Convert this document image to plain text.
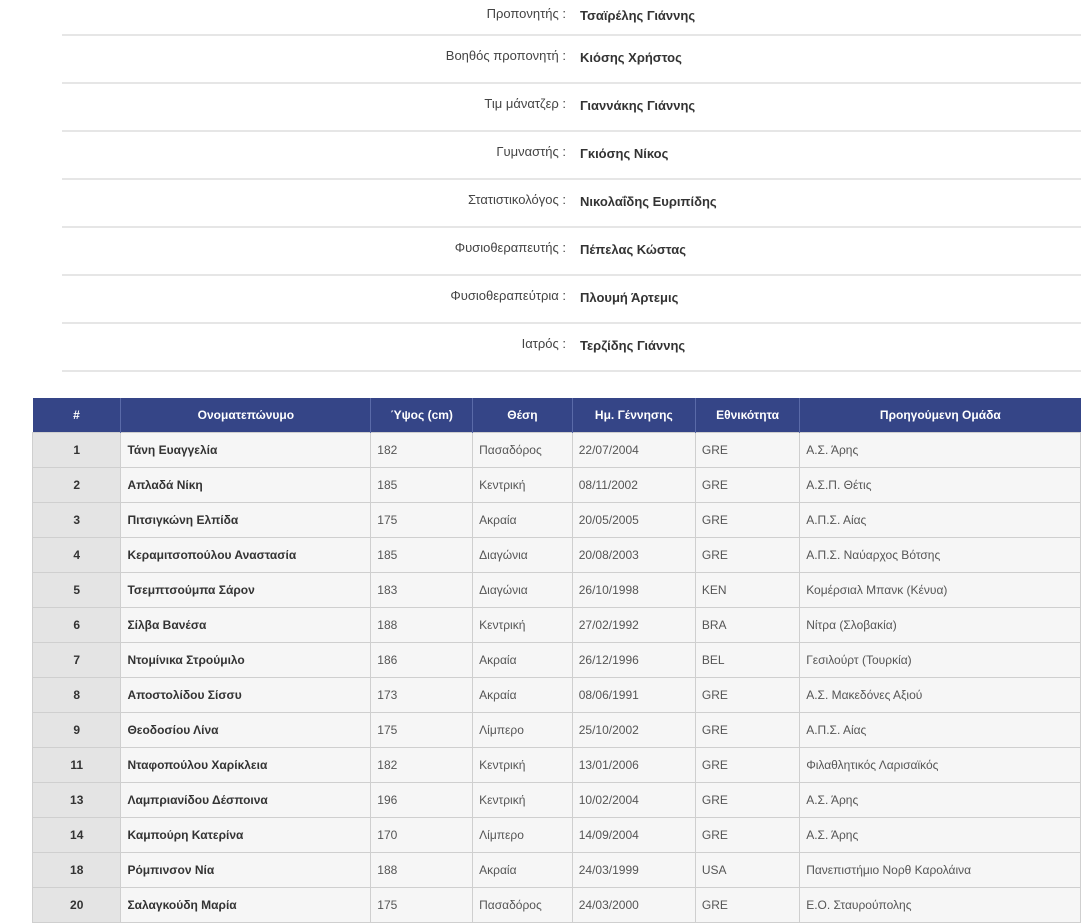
Προπονητής :	Τσαϊρέλης Γιάννης
Βοηθός προπονητή :	Κιόσης Χρήστος
Τιμ μάνατζερ :	Γιαννάκης Γιάννης
Γυμναστής :	Γκιόσης Νίκος
Στατιστικολόγος :	Νικολαΐδης Ευριπίδης
Φυσιοθεραπευτής :	Πέπελας Κώστας
Φυσιοθεραπεύτρια :	Πλουμή Άρτεμις
Ιατρός :	Τερζίδης Γιάννης
#	Ονοματεπώνυμο	Ύψος (cm)	Θέση	Ημ. Γέννησης	Εθνικότητα	Προηγούμενη Ομάδα
1	Τάνη Ευαγγελία	182	Πασαδόρος	22/07/2004	GRE	Α.Σ. Άρης
2	Απλαδά Νίκη	185	Κεντρική	08/11/2002	GRE	Α.Σ.Π. Θέτις
3	Πιτσιγκώνη Ελπίδα	175	Ακραία	20/05/2005	GRE	Α.Π.Σ. Αίας
4	Κεραμιτσοπούλου Αναστασία	185	Διαγώνια	20/08/2003	GRE	Α.Π.Σ. Ναύαρχος Βότσης
5	Τσεμπτσούμπα Σάρον	183	Διαγώνια	26/10/1998	KEN	Κομέρσιαλ Μπανκ (Κένυα)
6	Σίλβα Βανέσα	188	Κεντρική	27/02/1992	BRA	Νίτρα (Σλοβακία)
7	Ντομίνικα Στρούμιλο	186	Ακραία	26/12/1996	BEL	Γεσιλούρτ (Τουρκία)
8	Αποστολίδου Σίσσυ	173	Ακραία	08/06/1991	GRE	Α.Σ. Μακεδόνες Αξιού
9	Θεοδοσίου Λίνα	175	Λίμπερο	25/10/2002	GRE	Α.Π.Σ. Αίας
11	Νταφοπούλου Χαρίκλεια	182	Κεντρική	13/01/2006	GRE	Φιλαθλητικός Λαρισαϊκός
13	Λαμπριανίδου Δέσποινα	196	Κεντρική	10/02/2004	GRE	Α.Σ. Άρης
14	Καμπούρη Κατερίνα	170	Λίμπερο	14/09/2004	GRE	Α.Σ. Άρης
18	Ρόμπινσον Νία	188	Ακραία	24/03/1999	USA	Πανεπιστήμιο Νορθ Καρολάινα
20	Σαλαγκούδη Μαρία	175	Πασαδόρος	24/03/2000	GRE	Ε.Ο. Σταυρούπολης
